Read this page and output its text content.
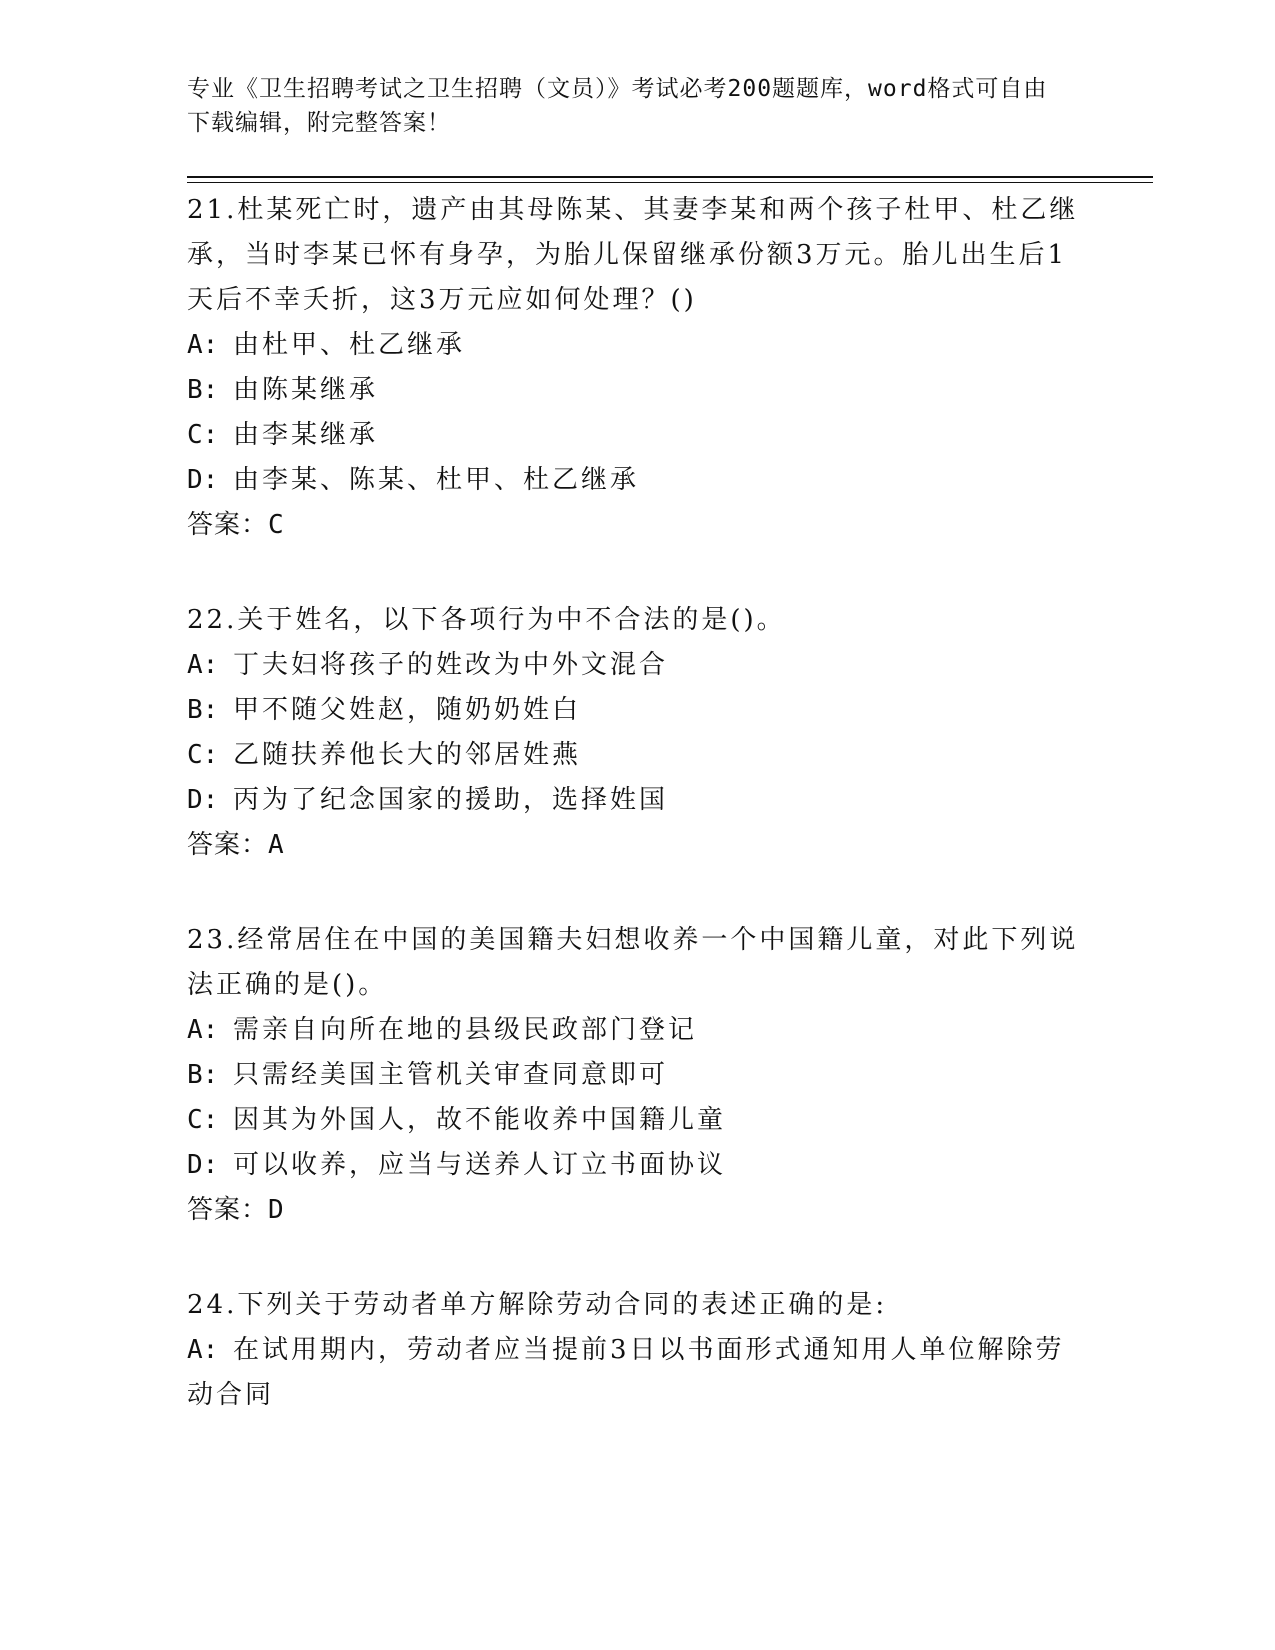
专业《卫生招聘考试之卫生招聘（文员）》考试必考200题题库，word格式可自由下载编辑，附完整答案！

21.杜某死亡时，遗产由其母陈某、其妻李某和两个孩子杜甲、杜乙继承，当时李某已怀有身孕，为胎儿保留继承份额3万元。胎儿出生后1天后不幸夭折，这3万元应如何处理？()

A: 由杜甲、杜乙继承

B: 由陈某继承

C: 由李某继承

D: 由李某、陈某、杜甲、杜乙继承

答案：C

22.关于姓名，以下各项行为中不合法的是()。

A: 丁夫妇将孩子的姓改为中外文混合

B: 甲不随父姓赵，随奶奶姓白

C: 乙随扶养他长大的邻居姓燕

D: 丙为了纪念国家的援助，选择姓国

答案：A

23.经常居住在中国的美国籍夫妇想收养一个中国籍儿童，对此下列说法正确的是()。

A: 需亲自向所在地的县级民政部门登记

B: 只需经美国主管机关审查同意即可

C: 因其为外国人，故不能收养中国籍儿童

D: 可以收养，应当与送养人订立书面协议

答案：D

24.下列关于劳动者单方解除劳动合同的表述正确的是:

A: 在试用期内，劳动者应当提前3日以书面形式通知用人单位解除劳动合同
